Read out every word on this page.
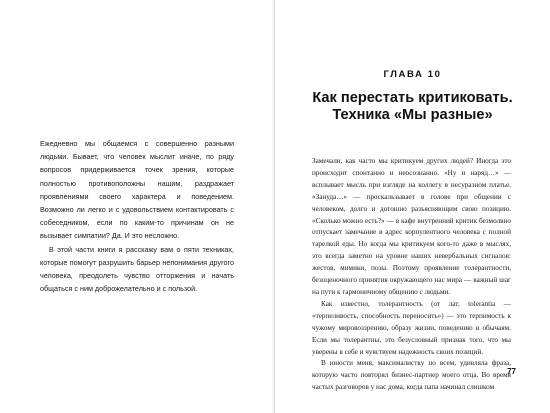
Ежедневно мы общаемся с совершенно разными людьми. Бывает, что человек мыслит иначе, по ряду вопросов придерживается точек зрения, которые полностью противоположны нашим, раздражает проявлениями своего характера и поведением. Возможно ли легко и с удовольствием контактировать с собеседником, если по каким-то причинам он не вызывает симпатии? Да. И это несложно.

В этой части книги я расскажу вам о пяти техниках, которые помогут разрушить барьер непонимания другого человека, преодолеть чувство отторжения и начать общаться с ним доброжелательно и с пользой.

ГЛАВА 10
Как перестать критиковать.
Техника «Мы разные»

Замечали, как часто мы критикуем других людей? Иногда это происходит спонтанно и неосознанно. «Ну и наряд…» — всплывает мысль при взгляде на коллегу в несуразном платье. «Зануда…» — проскальзывает в голове при общении с человеком, долго и дотошно разъясняющим свою позицию. «Сколько можно есть?» — в кафе внутренний критик безмолвно отпускает замечание в адрес корпулентного человека с полной тарелкой еды. Но когда мы критикуем кого-то даже в мыслях, это всегда заметно на уровне наших невербальных сигналов: жестов, мимики, позы. Поэтому проявление толерантности, безоценочного принятия окружающего нас мира — важный шаг на пути к гармоничному общению с людьми.

Как известно, толерантность (от лат. tolerantia — «терпеливость, способность переносить») — это терпимость к чужому мировоззрению, образу жизни, поведению и обычаям. Если мы толерантны, это безусловный признак того, что мы уверены в себе и чувствуем надежность своих позиций.

В юности меня, максималистку по всем, удивляла фраза, которую часто повторял бизнес-партнер моего отца. Во время частых разговоров у нас дома, когда папа начинал слишком

77
